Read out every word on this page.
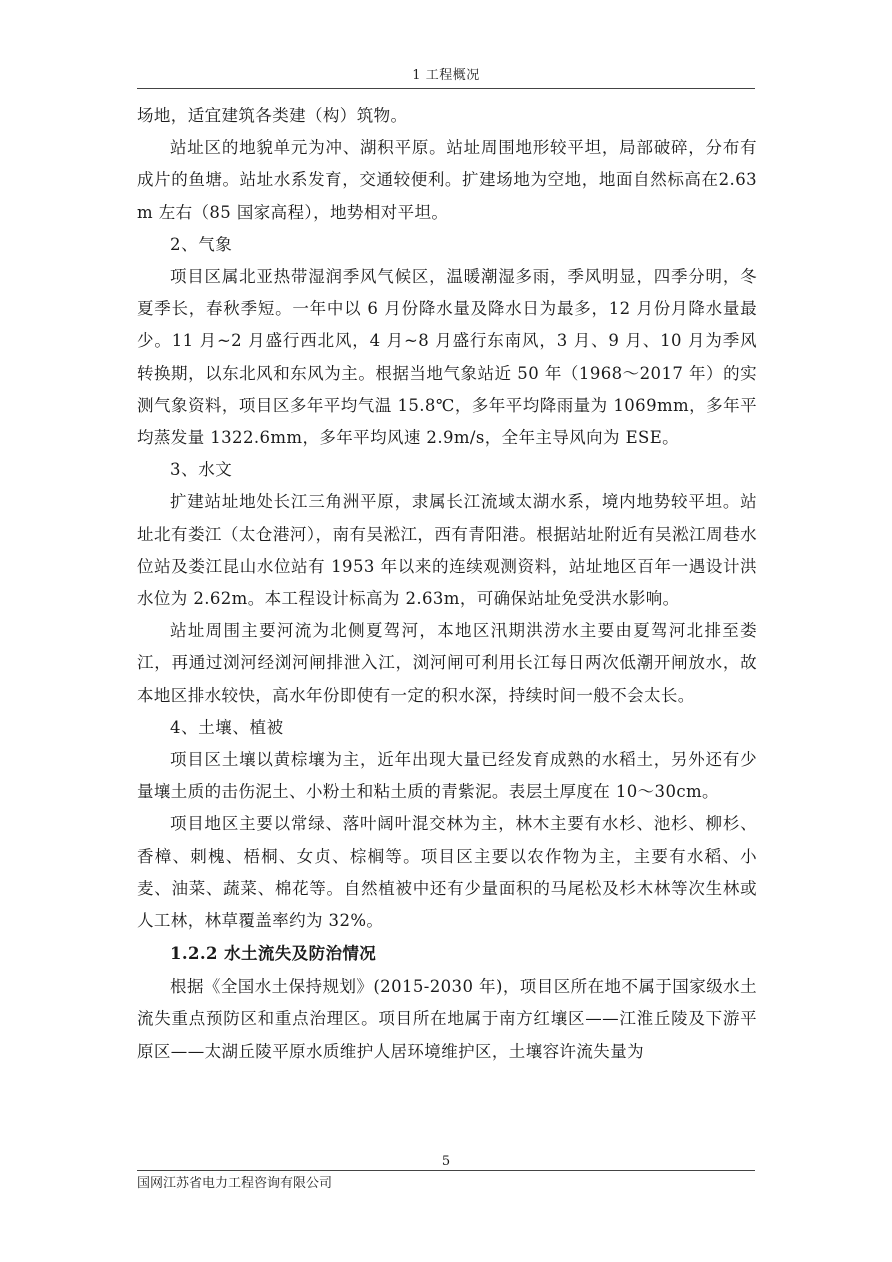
1 工程概况

场地，适宜建筑各类建（构）筑物。

站址区的地貌单元为冲、湖积平原。站址周围地形较平坦，局部破碎，分布有成片的鱼塘。站址水系发育，交通较便利。扩建场地为空地，地面自然标高在2.63m 左右（85 国家高程），地势相对平坦。

2、气象

项目区属北亚热带湿润季风气候区，温暖潮湿多雨，季风明显，四季分明，冬夏季长，春秋季短。一年中以 6 月份降水量及降水日为最多，12 月份月降水量最少。11 月~2 月盛行西北风，4 月~8 月盛行东南风，3 月、9 月、10 月为季风转换期，以东北风和东风为主。根据当地气象站近 50 年（1968～2017 年）的实测气象资料，项目区多年平均气温 15.8℃，多年平均降雨量为 1069mm，多年平均蒸发量 1322.6mm，多年平均风速 2.9m/s，全年主导风向为 ESE。

3、水文

扩建站址地处长江三角洲平原，隶属长江流域太湖水系，境内地势较平坦。站址北有娄江（太仓港河），南有吴淞江，西有青阳港。根据站址附近有吴淞江周巷水位站及娄江昆山水位站有 1953 年以来的连续观测资料，站址地区百年一遇设计洪水位为 2.62m。本工程设计标高为 2.63m，可确保站址免受洪水影响。

站址周围主要河流为北侧夏驾河，本地区汛期洪涝水主要由夏驾河北排至娄江，再通过浏河经浏河闸排泄入江，浏河闸可利用长江每日两次低潮开闸放水，故本地区排水较快，高水年份即使有一定的积水深，持续时间一般不会太长。

4、土壤、植被

项目区土壤以黄棕壤为主，近年出现大量已经发育成熟的水稻土，另外还有少量壤土质的击伤泥土、小粉土和粘土质的青紫泥。表层土厚度在 10～30cm。

项目地区主要以常绿、落叶阔叶混交林为主，林木主要有水杉、池杉、柳杉、香樟、刺槐、梧桐、女贞、棕榈等。项目区主要以农作物为主，主要有水稻、小麦、油菜、蔬菜、棉花等。自然植被中还有少量面积的马尾松及杉木林等次生林或人工林，林草覆盖率约为 32%。

1.2.2 水土流失及防治情况

根据《全国水土保持规划》(2015-2030 年)，项目区所在地不属于国家级水土流失重点预防区和重点治理区。项目所在地属于南方红壤区——江淮丘陵及下游平原区——太湖丘陵平原水质维护人居环境维护区，土壤容许流失量为

5
国网江苏省电力工程咨询有限公司
